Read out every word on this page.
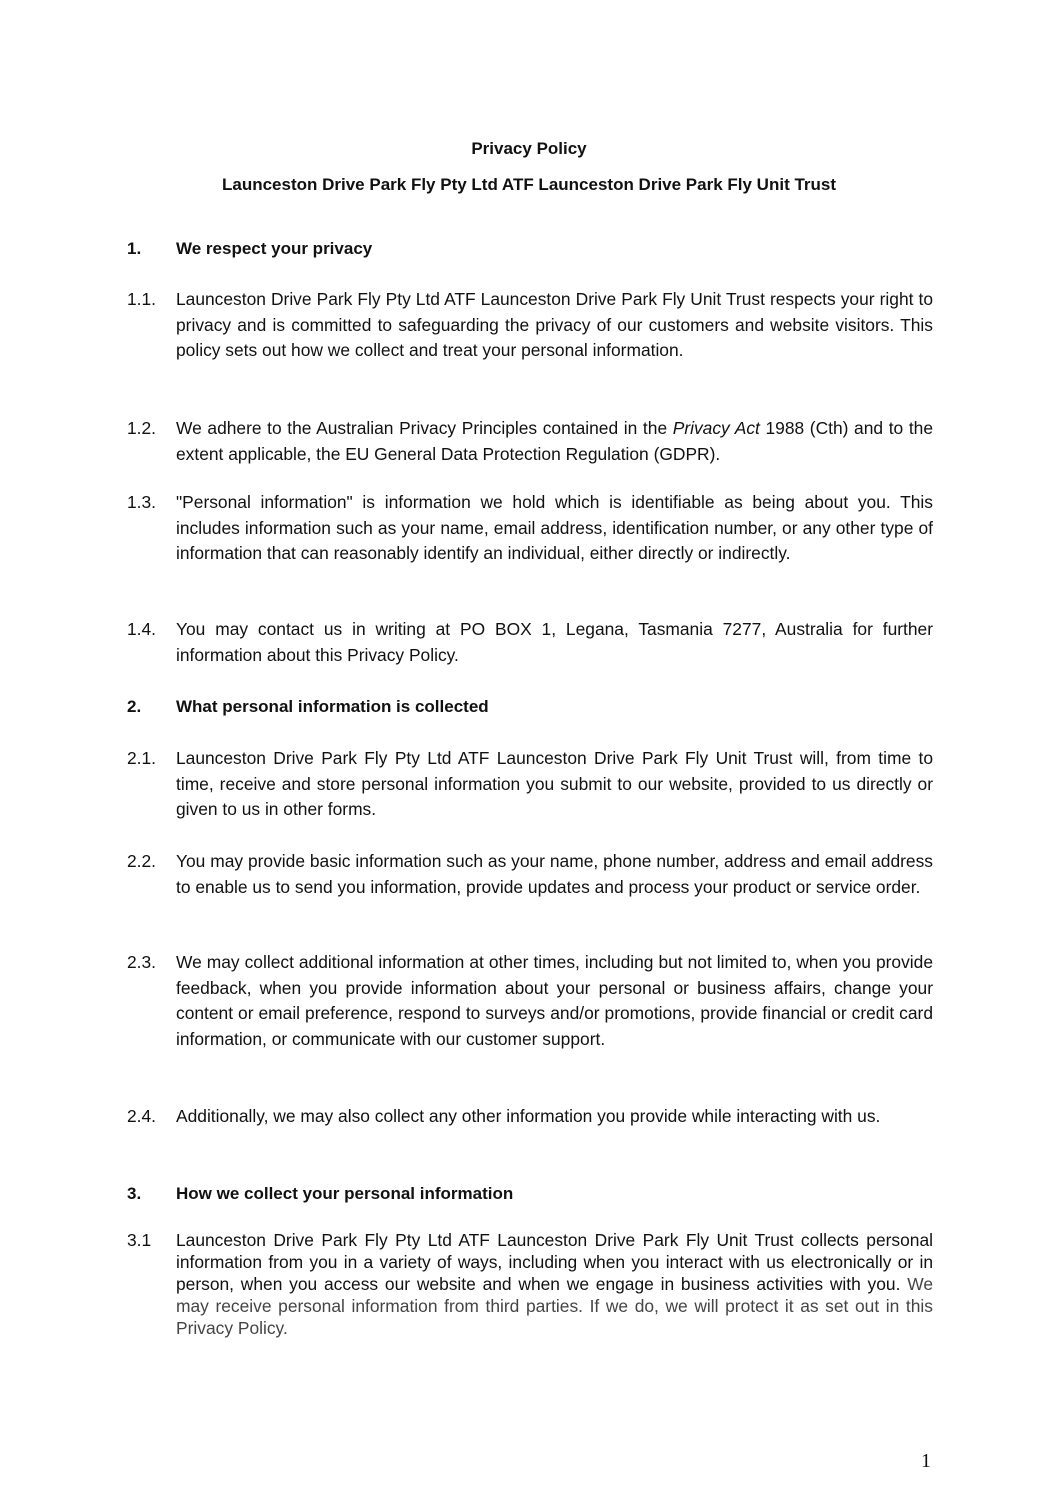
Privacy Policy
Launceston Drive Park Fly Pty Ltd ATF Launceston Drive Park Fly Unit Trust
1. We respect your privacy
1.1. Launceston Drive Park Fly Pty Ltd ATF Launceston Drive Park Fly Unit Trust respects your right to privacy and is committed to safeguarding the privacy of our customers and website visitors. This policy sets out how we collect and treat your personal information.
1.2. We adhere to the Australian Privacy Principles contained in the Privacy Act 1988 (Cth) and to the extent applicable, the EU General Data Protection Regulation (GDPR).
1.3. "Personal information" is information we hold which is identifiable as being about you. This includes information such as your name, email address, identification number, or any other type of information that can reasonably identify an individual, either directly or indirectly.
1.4. You may contact us in writing at PO BOX 1, Legana, Tasmania 7277, Australia for further information about this Privacy Policy.
2. What personal information is collected
2.1. Launceston Drive Park Fly Pty Ltd ATF Launceston Drive Park Fly Unit Trust will, from time to time, receive and store personal information you submit to our website, provided to us directly or given to us in other forms.
2.2. You may provide basic information such as your name, phone number, address and email address to enable us to send you information, provide updates and process your product or service order.
2.3. We may collect additional information at other times, including but not limited to, when you provide feedback, when you provide information about your personal or business affairs, change your content or email preference, respond to surveys and/or promotions, provide financial or credit card information, or communicate with our customer support.
2.4. Additionally, we may also collect any other information you provide while interacting with us.
3. How we collect your personal information
3.1 Launceston Drive Park Fly Pty Ltd ATF Launceston Drive Park Fly Unit Trust collects personal information from you in a variety of ways, including when you interact with us electronically or in person, when you access our website and when we engage in business activities with you. We may receive personal information from third parties. If we do, we will protect it as set out in this Privacy Policy.
1
